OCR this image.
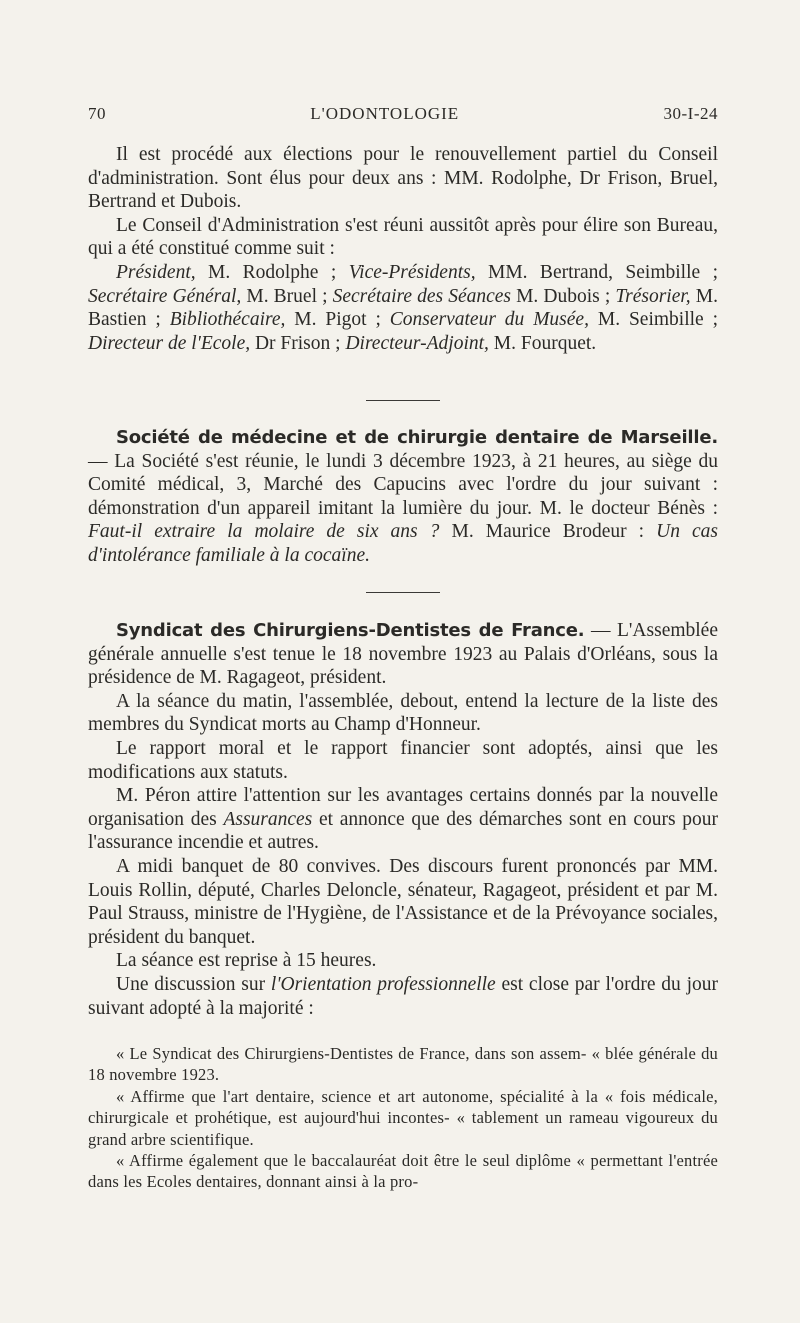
70	L'ODONTOLOGIE	30-I-24

Il est procédé aux élections pour le renouvellement partiel du Conseil d'administration. Sont élus pour deux ans : MM. Rodolphe, Dr Frison, Bruel, Bertrand et Dubois.

Le Conseil d'Administration s'est réuni aussitôt après pour élire son Bureau, qui a été constitué comme suit :

Président, M. Rodolphe ; Vice-Présidents, MM. Bertrand, Seimbille ; Secrétaire Général, M. Bruel ; Secrétaire des Séances M. Dubois ; Trésorier, M. Bastien ; Bibliothécaire, M. Pigot ; Conservateur du Musée, M. Seimbille ; Directeur de l'Ecole, Dr Frison ; Directeur-Adjoint, M. Fourquet.

Société de médecine et de chirurgie dentaire de Marseille. — La Société s'est réunie, le lundi 3 décembre 1923, à 21 heures, au siège du Comité médical, 3, Marché des Capucins avec l'ordre du jour suivant : démonstration d'un appareil imitant la lumière du jour. M. le docteur Bénès : Faut-il extraire la molaire de six ans ? M. Maurice Brodeur : Un cas d'intolérance familiale à la cocaïne.

Syndicat des Chirurgiens-Dentistes de France. — L'Assemblée générale annuelle s'est tenue le 18 novembre 1923 au Palais d'Orléans, sous la présidence de M. Ragageot, président.

A la séance du matin, l'assemblée, debout, entend la lecture de la liste des membres du Syndicat morts au Champ d'Honneur.

Le rapport moral et le rapport financier sont adoptés, ainsi que les modifications aux statuts.

M. Péron attire l'attention sur les avantages certains donnés par la nouvelle organisation des Assurances et annonce que des démarches sont en cours pour l'assurance incendie et autres.

A midi banquet de 80 convives. Des discours furent prononcés par MM. Louis Rollin, député, Charles Deloncle, sénateur, Ragageot, président et par M. Paul Strauss, ministre de l'Hygiène, de l'Assistance et de la Prévoyance sociales, président du banquet.

La séance est reprise à 15 heures.

Une discussion sur l'Orientation professionnelle est close par l'ordre du jour suivant adopté à la majorité :

« Le Syndicat des Chirurgiens-Dentistes de France, dans son assem- « blée générale du 18 novembre 1923.

« Affirme que l'art dentaire, science et art autonome, spécialité à la « fois médicale, chirurgicale et prohétique, est aujourd'hui incontes- « tablement un rameau vigoureux du grand arbre scientifique.

« Affirme également que le baccalauréat doit être le seul diplôme « permettant l'entrée dans les Ecoles dentaires, donnant ainsi à la pro-
